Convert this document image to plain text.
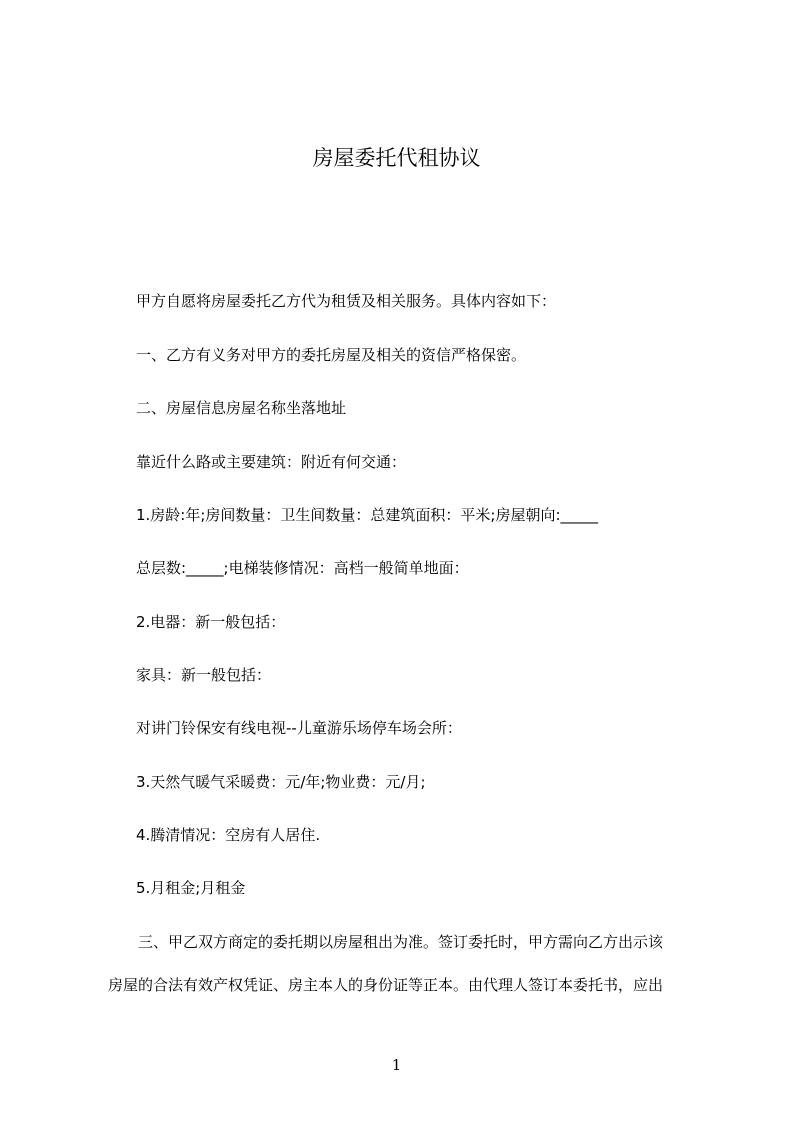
房屋委托代租协议
甲方自愿将房屋委托乙方代为租赁及相关服务。具体内容如下：
一、乙方有义务对甲方的委托房屋及相关的资信严格保密。
二、房屋信息房屋名称坐落地址
靠近什么路或主要建筑：附近有何交通：
1.房龄:年;房间数量：卫生间数量：总建筑面积：平米;房屋朝向:_____
总层数:_____;电梯装修情况：高档一般简单地面：
2.电器：新一般包括：
家具：新一般包括：
对讲门铃保安有线电视--儿童游乐场停车场会所：
3.天然气暖气采暖费：元/年;物业费：元/月;
4.腾清情况：空房有人居住.
5.月租金;月租金
三、甲乙双方商定的委托期以房屋租出为准。签订委托时，甲方需向乙方出示该
房屋的合法有效产权凭证、房主本人的身份证等正本。由代理人签订本委托书，应出
1
